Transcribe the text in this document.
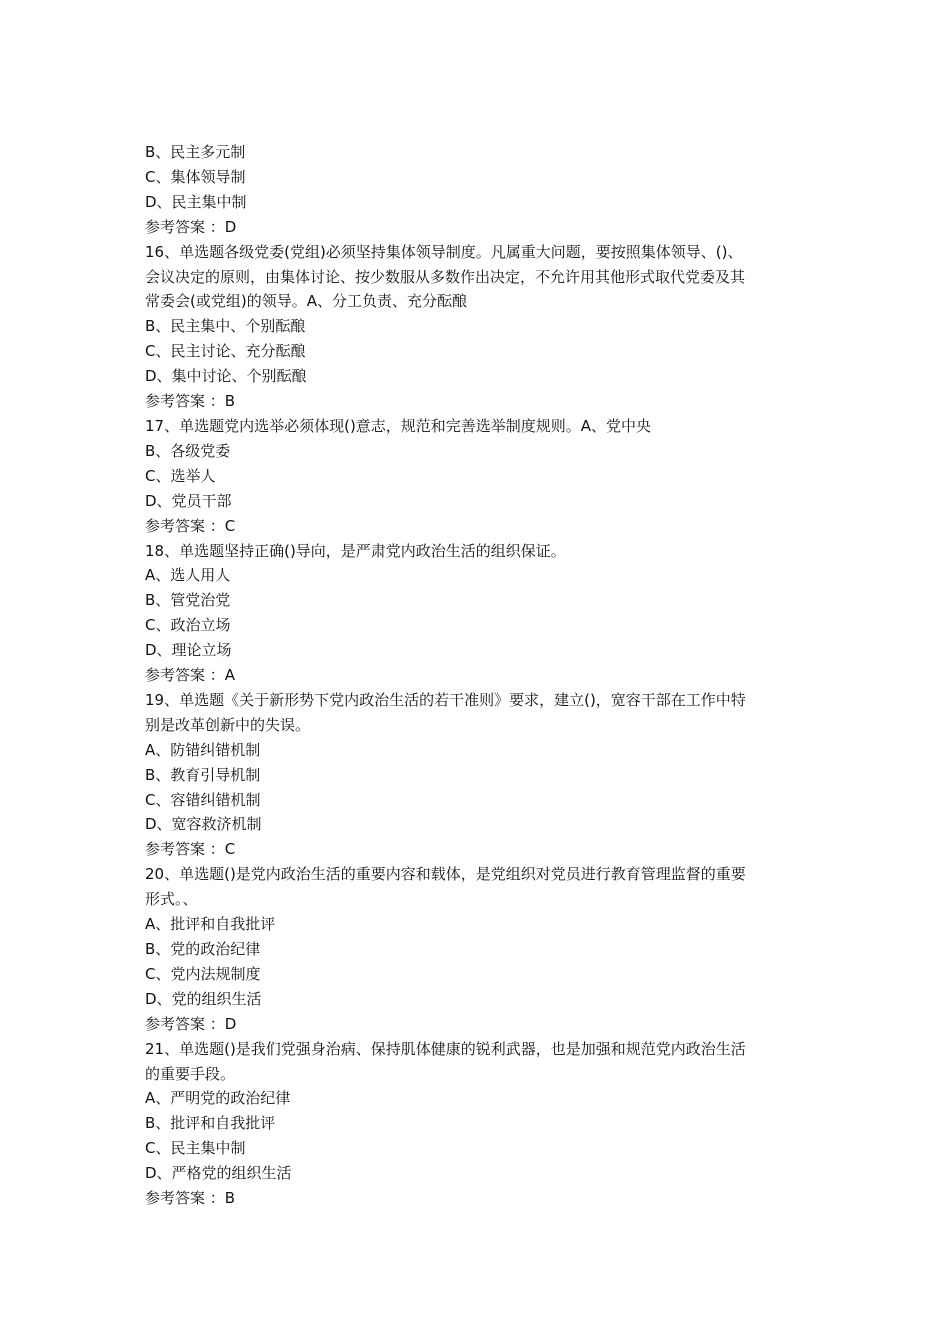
B、民主多元制

C、集体领导制

D、民主集中制

参考答案 ：D

16、单选题各级党委(党组)必须坚持集体领导制度。凡属重大问题，要按照集体领导、()、

会议决定的原则，由集体讨论、按少数服从多数作出决定，不允许用其他形式取代党委及其

常委会(或党组)的领导。A、分工负责、充分酝酿

B、民主集中、个别酝酿

C、民主讨论、充分酝酿

D、集中讨论、个别酝酿

参考答案 ：B

17、单选题党内选举必须体现()意志，规范和完善选举制度规则。A、党中央

B、各级党委

C、选举人

D、党员干部

参考答案 ：C

18、单选题坚持正确()导向，是严肃党内政治生活的组织保证。

A、选人用人

B、管党治党

C、政治立场

D、理论立场

参考答案 ：A

19、单选题《关于新形势下党内政治生活的若干准则》要求，建立()，宽容干部在工作中特

别是改革创新中的失误。

A、防错纠错机制

B、教育引导机制

C、容错纠错机制

D、宽容救济机制

参考答案 ：C

20、单选题()是党内政治生活的重要内容和载体，是党组织对党员进行教育管理监督的重要

形式。、

A、批评和自我批评

B、党的政治纪律

C、党内法规制度

D、党的组织生活

参考答案 ：D

21、单选题()是我们党强身治病、保持肌体健康的锐利武器，也是加强和规范党内政治生活

的重要手段。

A、严明党的政治纪律

B、批评和自我批评

C、民主集中制

D、严格党的组织生活

参考答案 ：B
